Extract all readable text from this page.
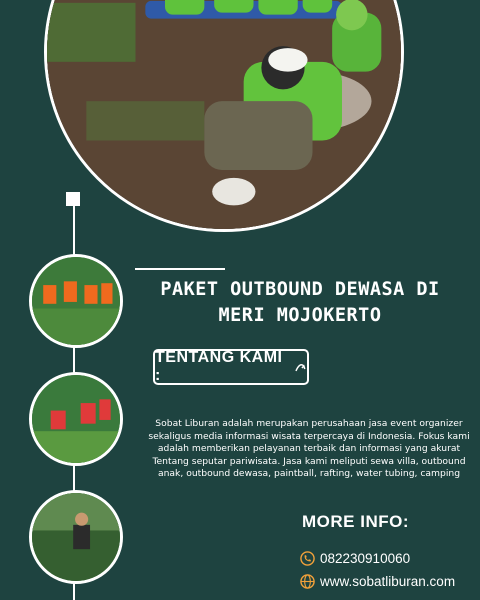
PAKET OUTBOUND DEWASA DI
MERI MOJOKERTO
TENTANG KAMI :

Sobat Liburan adalah merupakan perusahaan jasa event organizer sekaligus media informasi wisata terpercaya di Indonesia. Fokus kami adalah memberikan pelayanan terbaik dan informasi yang akurat Tentang seputar pariwisata. Jasa kami meliputi sewa villa, outbound anak, outbound dewasa, paintball, rafting, water tubing, camping

MORE INFO:
082230910060
www.sobatliburan.com
